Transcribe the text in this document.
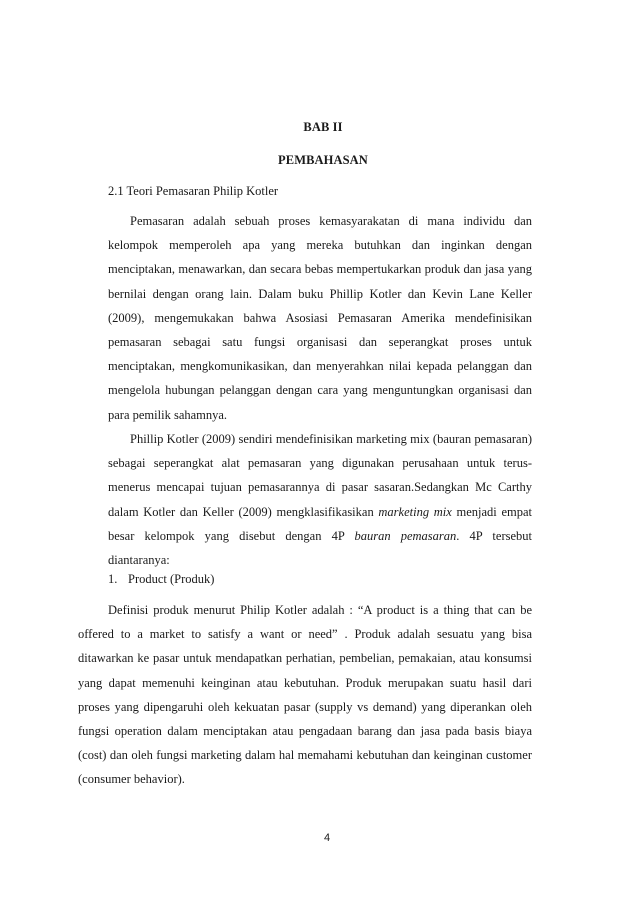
BAB II
PEMBAHASAN
2.1 Teori Pemasaran Philip Kotler
Pemasaran adalah sebuah proses kemasyarakatan di mana individu dan kelompok memperoleh apa yang mereka butuhkan dan inginkan dengan menciptakan, menawarkan, dan secara bebas mempertukarkan produk dan jasa yang bernilai dengan orang lain. Dalam buku Phillip Kotler dan Kevin Lane Keller (2009), mengemukakan bahwa Asosiasi Pemasaran Amerika mendefinisikan pemasaran sebagai satu fungsi organisasi dan seperangkat proses untuk menciptakan, mengkomunikasikan, dan menyerahkan nilai kepada pelanggan dan mengelola hubungan pelanggan dengan cara yang menguntungkan organisasi dan para pemilik sahamnya.
Phillip Kotler (2009) sendiri mendefinisikan marketing mix (bauran pemasaran) sebagai seperangkat alat pemasaran yang digunakan perusahaan untuk terus-menerus mencapai tujuan pemasarannya di pasar sasaran.Sedangkan Mc Carthy dalam Kotler dan Keller (2009) mengklasifikasikan marketing mix menjadi empat besar kelompok yang disebut dengan 4P bauran pemasaran. 4P tersebut diantaranya:
1. Product (Produk)
Definisi produk menurut Philip Kotler adalah : “A product is a thing that can be offered to a market to satisfy a want or need” . Produk adalah sesuatu yang bisa ditawarkan ke pasar untuk mendapatkan perhatian, pembelian, pemakaian, atau konsumsi yang dapat memenuhi keinginan atau kebutuhan. Produk merupakan suatu hasil dari proses yang dipengaruhi oleh kekuatan pasar (supply vs demand) yang diperankan oleh fungsi operation dalam menciptakan atau pengadaan barang dan jasa pada basis biaya (cost) dan oleh fungsi marketing dalam hal memahami kebutuhan dan keinginan customer (consumer behavior).
4
